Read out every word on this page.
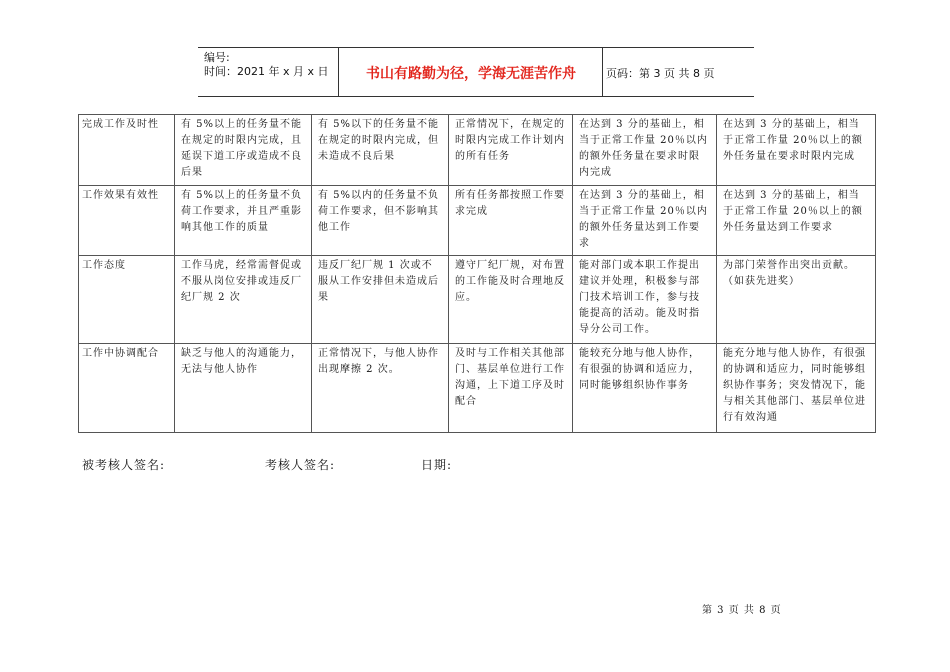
编号:
时间：2021 年 x 月 x 日	书山有路勤为径，学海无涯苦作舟	页码：第 3 页 共 8 页
完成工作及时性	有 5%以上的任务量不能在规定的时限内完成，且延误下道工序或造成不良后果	有 5%以下的任务量不能在规定的时限内完成，但未造成不良后果	正常情况下，在规定的时限内完成工作计划内的所有任务	在达到 3 分的基础上，相当于正常工作量 20％以内的额外任务量在要求时限内完成	在达到 3 分的基础上，相当于正常工作量 20％以上的额外任务量在要求时限内完成
工作效果有效性	有 5%以上的任务量不负荷工作要求，并且严重影响其他工作的质量	有 5%以内的任务量不负荷工作要求，但不影响其他工作	所有任务都按照工作要求完成	在达到 3 分的基础上，相当于正常工作量 20％以内的额外任务量达到工作要求	在达到 3 分的基础上，相当于正常工作量 20％以上的额外任务量达到工作要求
工作态度	工作马虎，经常需督促或不服从岗位安排或违反厂纪厂规 2 次	违反厂纪厂规 1 次或不服从工作安排但未造成后果	遵守厂纪厂规，对布置的工作能及时合理地反应。	能对部门或本职工作提出建议并处理，积极参与部门技术培训工作，参与技能提高的活动。能及时指导分公司工作。	为部门荣誉作出突出贡献。（如获先进奖）
工作中协调配合	缺乏与他人的沟通能力，无法与他人协作	正常情况下，与他人协作出现摩擦 2 次。	及时与工作相关其他部门、基层单位进行工作沟通，上下道工序及时配合	能较充分地与他人协作，有很强的协调和适应力，同时能够组织协作事务	能充分地与他人协作，有很强的协调和适应力，同时能够组织协作事务；突发情况下，能与相关其他部门、基层单位进行有效沟通
被考核人签名:	考核人签名:	日期:
第 3 页 共 8 页
